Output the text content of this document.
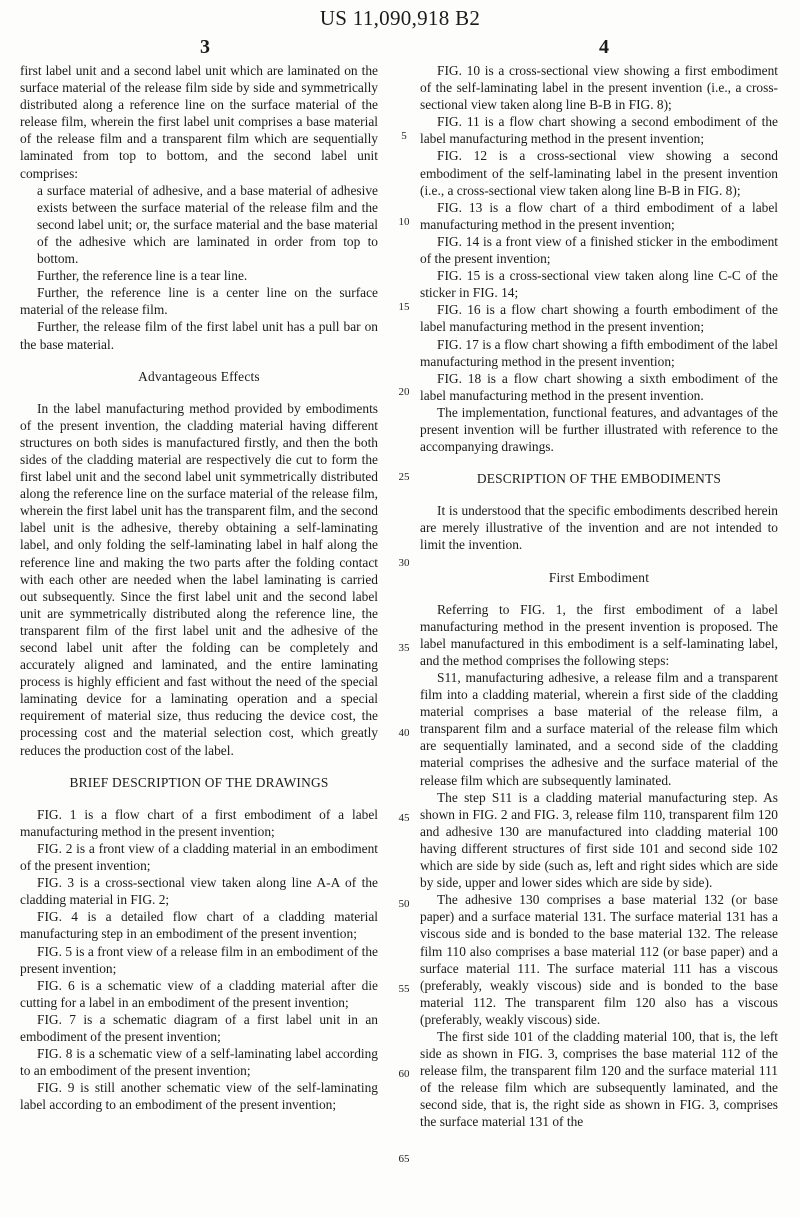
US 11,090,918 B2
3	4

first label unit and a second label unit which are laminated on the surface material of the release film side by side and symmetrically distributed along a reference line on the surface material of the release film, wherein the first label unit comprises a base material of the release film and a transparent film which are sequentially laminated from top to bottom, and the second label unit comprises:

a surface material of adhesive, and a base material of adhesive exists between the surface material of the release film and the second label unit; or, the surface material and the base material of the adhesive which are laminated in order from top to bottom.

Further, the reference line is a tear line.

Further, the reference line is a center line on the surface material of the release film.

Further, the release film of the first label unit has a pull bar on the base material.

Advantageous Effects

In the label manufacturing method provided by embodiments of the present invention, the cladding material having different structures on both sides is manufactured firstly, and then the both sides of the cladding material are respectively die cut to form the first label unit and the second label unit symmetrically distributed along the reference line on the surface material of the release film, wherein the first label unit has the transparent film, and the second label unit is the adhesive, thereby obtaining a self-laminating label, and only folding the self-laminating label in half along the reference line and making the two parts after the folding contact with each other are needed when the label laminating is carried out subsequently. Since the first label unit and the second label unit are symmetrically distributed along the reference line, the transparent film of the first label unit and the adhesive of the second label unit after the folding can be completely and accurately aligned and laminated, and the entire laminating process is highly efficient and fast without the need of the special laminating device for a laminating operation and a special requirement of material size, thus reducing the device cost, the processing cost and the material selection cost, which greatly reduces the production cost of the label.

BRIEF DESCRIPTION OF THE DRAWINGS

FIG. 1 is a flow chart of a first embodiment of a label manufacturing method in the present invention;

FIG. 2 is a front view of a cladding material in an embodiment of the present invention;

FIG. 3 is a cross-sectional view taken along line A-A of the cladding material in FIG. 2;

FIG. 4 is a detailed flow chart of a cladding material manufacturing step in an embodiment of the present invention;

FIG. 5 is a front view of a release film in an embodiment of the present invention;

FIG. 6 is a schematic view of a cladding material after die cutting for a label in an embodiment of the present invention;

FIG. 7 is a schematic diagram of a first label unit in an embodiment of the present invention;

FIG. 8 is a schematic view of a self-laminating label according to an embodiment of the present invention;

FIG. 9 is still another schematic view of the self-laminating label according to an embodiment of the present invention;

5
10
15
20
25
30
35
40
45
50
55
60
65

FIG. 10 is a cross-sectional view showing a first embodiment of the self-laminating label in the present invention (i.e., a cross-sectional view taken along line B-B in FIG. 8);

FIG. 11 is a flow chart showing a second embodiment of the label manufacturing method in the present invention;

FIG. 12 is a cross-sectional view showing a second embodiment of the self-laminating label in the present invention (i.e., a cross-sectional view taken along line B-B in FIG. 8);

FIG. 13 is a flow chart of a third embodiment of a label manufacturing method in the present invention;

FIG. 14 is a front view of a finished sticker in the embodiment of the present invention;

FIG. 15 is a cross-sectional view taken along line C-C of the sticker in FIG. 14;

FIG. 16 is a flow chart showing a fourth embodiment of the label manufacturing method in the present invention;

FIG. 17 is a flow chart showing a fifth embodiment of the label manufacturing method in the present invention;

FIG. 18 is a flow chart showing a sixth embodiment of the label manufacturing method in the present invention.

The implementation, functional features, and advantages of the present invention will be further illustrated with reference to the accompanying drawings.

DESCRIPTION OF THE EMBODIMENTS

It is understood that the specific embodiments described herein are merely illustrative of the invention and are not intended to limit the invention.

First Embodiment

Referring to FIG. 1, the first embodiment of a label manufacturing method in the present invention is proposed. The label manufactured in this embodiment is a self-laminating label, and the method comprises the following steps:

S11, manufacturing adhesive, a release film and a transparent film into a cladding material, wherein a first side of the cladding material comprises a base material of the release film, a transparent film and a surface material of the release film which are sequentially laminated, and a second side of the cladding material comprises the adhesive and the surface material of the release film which are subsequently laminated.

The step S11 is a cladding material manufacturing step. As shown in FIG. 2 and FIG. 3, release film 110, transparent film 120 and adhesive 130 are manufactured into cladding material 100 having different structures of first side 101 and second side 102 which are side by side (such as, left and right sides which are side by side, upper and lower sides which are side by side).

The adhesive 130 comprises a base material 132 (or base paper) and a surface material 131. The surface material 131 has a viscous side and is bonded to the base material 132. The release film 110 also comprises a base material 112 (or base paper) and a surface material 111. The surface material 111 has a viscous (preferably, weakly viscous) side and is bonded to the base material 112. The transparent film 120 also has a viscous (preferably, weakly viscous) side.

The first side 101 of the cladding material 100, that is, the left side as shown in FIG. 3, comprises the base material 112 of the release film, the transparent film 120 and the surface material 111 of the release film which are subsequently laminated, and the second side, that is, the right side as shown in FIG. 3, comprises the surface material 131 of the
